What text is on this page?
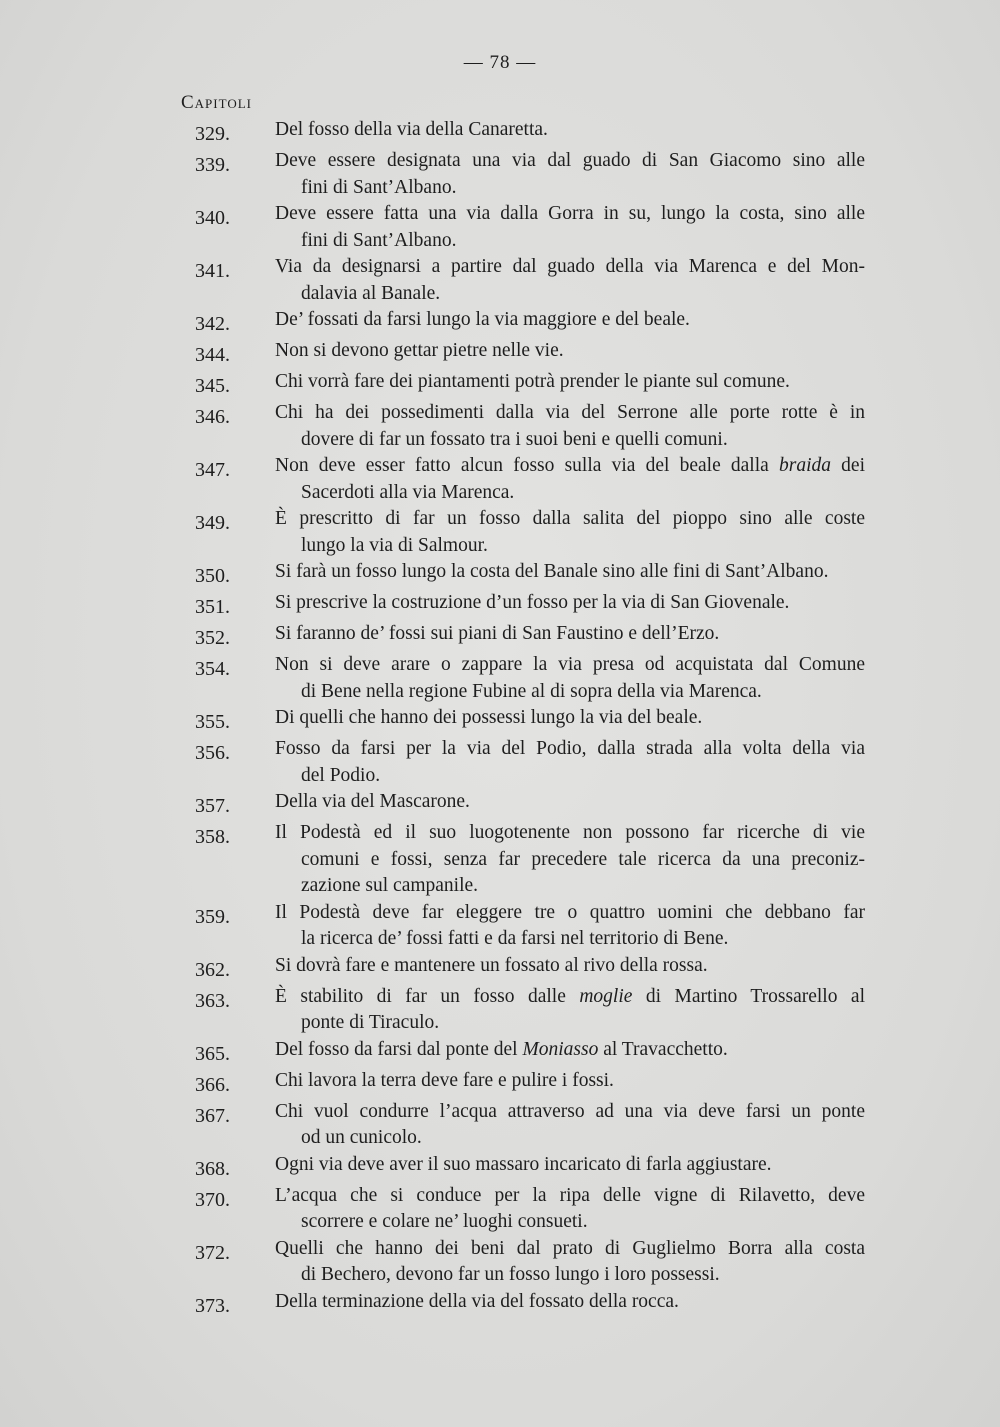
— 78 —
Capitoli
329.	Del fosso della via della Canaretta.
339.	Deve essere designata una via dal guado di San Giacomo sino alle
fini di Sant’Albano.
340.	Deve essere fatta una via dalla Gorra in su, lungo la costa, sino alle
fini di Sant’Albano.
341.	Via da designarsi a partire dal guado della via Marenca e del Mon-
dalavia al Banale.
342.	De’ fossati da farsi lungo la via maggiore e del beale.
344.	Non si devono gettar pietre nelle vie.
345.	Chi vorrà fare dei piantamenti potrà prender le piante sul comune.
346.	Chi ha dei possedimenti dalla via del Serrone alle porte rotte è in
dovere di far un fossato tra i suoi beni e quelli comuni.
347.	Non deve esser fatto alcun fosso sulla via del beale dalla braida dei
Sacerdoti alla via Marenca.
349.	È prescritto di far un fosso dalla salita del pioppo sino alle coste
lungo la via di Salmour.
350.	Si farà un fosso lungo la costa del Banale sino alle fini di Sant’Albano.
351.	Si prescrive la costruzione d’un fosso per la via di San Giovenale.
352.	Si faranno de’ fossi sui piani di San Faustino e dell’Erzo.
354.	Non si deve arare o zappare la via presa od acquistata dal Comune
di Bene nella regione Fubine al di sopra della via Marenca.
355.	Di quelli che hanno dei possessi lungo la via del beale.
356.	Fosso da farsi per la via del Podio, dalla strada alla volta della via
del Podio.
357.	Della via del Mascarone.
358.	Il Podestà ed il suo luogotenente non possono far ricerche di vie
comuni e fossi, senza far precedere tale ricerca da una preconiz-
zazione sul campanile.
359.	Il Podestà deve far eleggere tre o quattro uomini che debbano far
la ricerca de’ fossi fatti e da farsi nel territorio di Bene.
362.	Si dovrà fare e mantenere un fossato al rivo della rossa.
363.	È stabilito di far un fosso dalle moglie di Martino Trossarello al
ponte di Tiraculo.
365.	Del fosso da farsi dal ponte del Moniasso al Travacchetto.
366.	Chi lavora la terra deve fare e pulire i fossi.
367.	Chi vuol condurre l’acqua attraverso ad una via deve farsi un ponte
od un cunicolo.
368.	Ogni via deve aver il suo massaro incaricato di farla aggiustare.
370.	L’acqua che si conduce per la ripa delle vigne di Rilavetto, deve
scorrere e colare ne’ luoghi consueti.
372.	Quelli che hanno dei beni dal prato di Guglielmo Borra alla costa
di Bechero, devono far un fosso lungo i loro possessi.
373.	Della terminazione della via del fossato della rocca.
